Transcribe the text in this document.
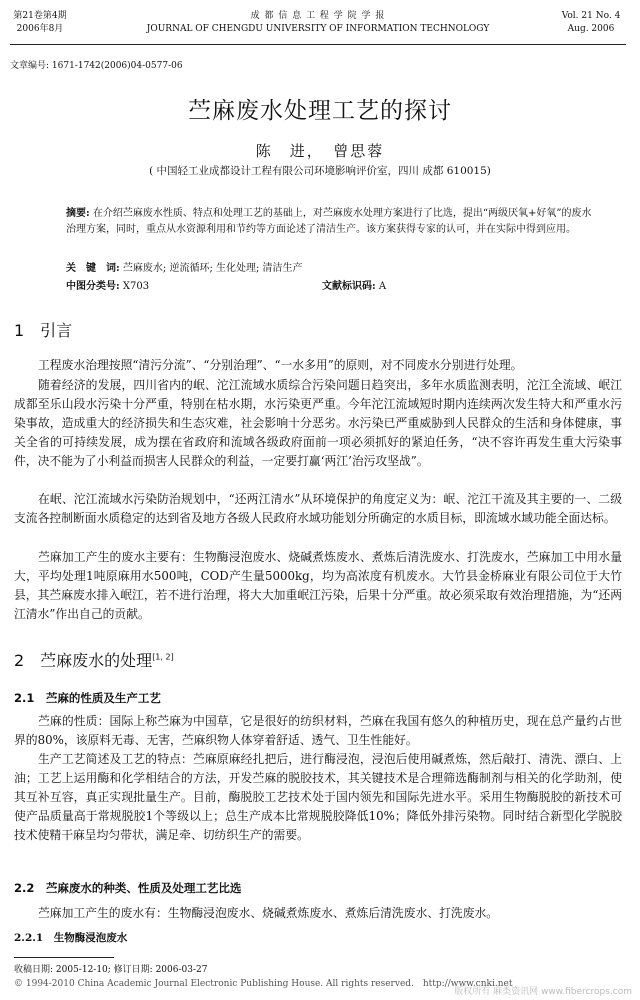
第21卷第4期
2006年8月
成 都 信 息 工 程 学 院 学 报
JOURNAL OF CHENGDU UNIVERSITY OF INFORMATION TECHNOLOGY
Vol. 21 No. 4
Aug. 2006
文章编号: 1671-1742(2006)04-0577-06
苎麻废水处理工艺的探讨
陈　进，　曾思蓉
( 中国轻工业成都设计工程有限公司环境影响评价室，四川 成都 610015)
摘要: 在介绍苎麻废水性质、特点和处理工艺的基础上，对苎麻废水处理方案进行了比选，提出“两级厌氧+好氧”的废水治理方案，同时，重点从水资源利用和节约等方面论述了清洁生产。该方案获得专家的认可，并在实际中得到应用。
关　键　词: 苎麻废水; 逆流循环; 生化处理; 清洁生产
中图分类号: X703	文献标识码: A
1　引言
工程废水治理按照“清污分流”、“分别治理”、“一水多用”的原则，对不同废水分别进行处理。
随着经济的发展，四川省内的岷、沱江流域水质综合污染问题日趋突出，多年水质监测表明，沱江全流域、岷江成都至乐山段水污染十分严重，特别在枯水期，水污染更严重。今年沱江流域短时期内连续两次发生特大和严重水污染事故，造成重大的经济损失和生态灾难，社会影响十分恶劣。水污染已严重威胁到人民群众的生活和身体健康，事关全省的可持续发展，成为摆在省政府和流域各级政府面前一项必须抓好的紧迫任务，“决不容许再发生重大污染事件，决不能为了小利益而损害人民群众的利益，一定要打赢‘两江’治污攻坚战”。
在岷、沱江流域水污染防治规划中，“还两江清水”从环境保护的角度定义为：岷、沱江干流及其主要的一、二级支流各控制断面水质稳定的达到省及地方各级人民政府水域功能划分所确定的水质目标，即流域水域功能全面达标。
苎麻加工产生的废水主要有：生物酶浸泡废水、烧碱煮炼废水、煮炼后清洗废水、打洗废水，苎麻加工中用水量大，平均处理1吨原麻用水500吨，COD产生量5000kg，均为高浓度有机废水。大竹县金桥麻业有限公司位于大竹县，其苎麻废水排入岷江，若不进行治理，将大大加重岷江污染，后果十分严重。故必须采取有效治理措施，为“还两江清水”作出自己的贡献。
2　苎麻废水的处理[1, 2]
2.1　苎麻的性质及生产工艺
苎麻的性质：国际上称苎麻为中国草，它是很好的纺织材料，苎麻在我国有悠久的种植历史，现在总产量约占世界的80%，该原料无毒、无害，苎麻织物人体穿着舒适、透气、卫生性能好。
生产工艺简述及工艺的特点：苎麻原麻经扎把后，进行酶浸泡，浸泡后使用碱煮炼，然后敲打、清洗、漂白、上油；工艺上运用酶和化学相结合的方法，开发苎麻的脱胶技术，其关键技术是合理筛选酶制剂与相关的化学助剂，使其互补互容，真正实现批量生产。目前，酶脱胶工艺技术处于国内领先和国际先进水平。采用生物酶脱胶的新技术可使产品质量高于常规脱胶1个等级以上；总生产成本比常规脱胶降低10%；降低外排污染物。同时结合新型化学脱胶技术使精干麻呈均匀带状，满足牵、切纺织生产的需要。
2.2　苎麻废水的种类、性质及处理工艺比选
苎麻加工产生的废水有：生物酶浸泡废水、烧碱煮炼废水、煮炼后清洗废水、打洗废水。
2.2.1　生物酶浸泡废水
收稿日期: 2005-12-10; 修订日期: 2006-03-27
© 1994-2010 China Academic Journal Electronic Publishing House. All rights reserved.　http://www.cnki.net
版权所有 麻类资讯网 www.fibercrops.com
